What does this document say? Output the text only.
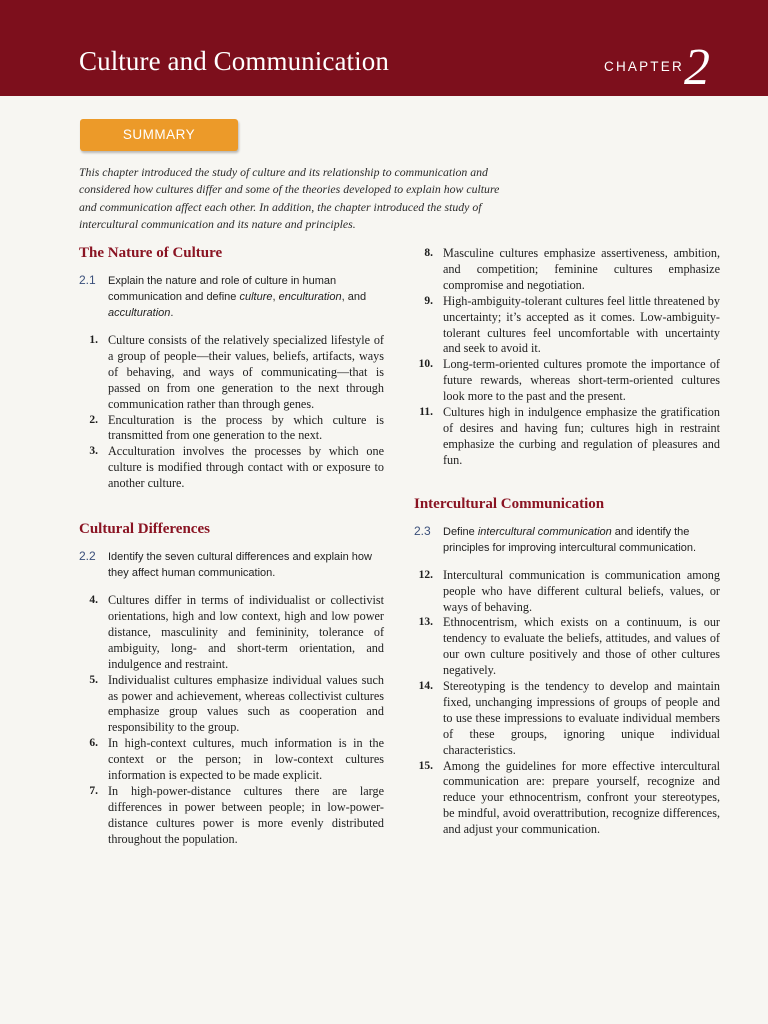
Culture and Communication	CHAPTER 2
SUMMARY

This chapter introduced the study of culture and its relationship to communication and considered how cultures differ and some of the theories developed to explain how culture and communication affect each other. In addition, the chapter introduced the study of intercultural communication and its nature and principles.

The Nature of Culture
2.1 Explain the nature and role of culture in human communication and define culture, enculturation, and acculturation.
1. Culture consists of the relatively specialized lifestyle of a group of people—their values, beliefs, artifacts, ways of behaving, and ways of communicating—that is passed on from one generation to the next through communication rather than through genes.
2. Enculturation is the process by which culture is transmitted from one generation to the next.
3. Acculturation involves the processes by which one culture is modified through contact with or exposure to another culture.
Cultural Differences
2.2 Identify the seven cultural differences and explain how they affect human communication.
4. Cultures differ in terms of individualist or collectivist orientations, high and low context, high and low power distance, masculinity and femininity, tolerance of ambiguity, long- and short-term orientation, and indulgence and restraint.
5. Individualist cultures emphasize individual values such as power and achievement, whereas collectivist cultures emphasize group values such as cooperation and responsibility to the group.
6. In high-context cultures, much information is in the context or the person; in low-context cultures information is expected to be made explicit.
7. In high-power-distance cultures there are large differences in power between people; in low-power-distance cultures power is more evenly distributed throughout the population.
8. Masculine cultures emphasize assertiveness, ambition, and competition; feminine cultures emphasize compromise and negotiation.
9. High-ambiguity-tolerant cultures feel little threatened by uncertainty; it’s accepted as it comes. Low-ambiguity-tolerant cultures feel uncomfortable with uncertainty and seek to avoid it.
10. Long-term-oriented cultures promote the importance of future rewards, whereas short-term-oriented cultures look more to the past and the present.
11. Cultures high in indulgence emphasize the gratification of desires and having fun; cultures high in restraint emphasize the curbing and regulation of pleasures and fun.
Intercultural Communication
2.3 Define intercultural communication and identify the principles for improving intercultural communication.
12. Intercultural communication is communication among people who have different cultural beliefs, values, or ways of behaving.
13. Ethnocentrism, which exists on a continuum, is our tendency to evaluate the beliefs, attitudes, and values of our own culture positively and those of other cultures negatively.
14. Stereotyping is the tendency to develop and maintain fixed, unchanging impressions of groups of people and to use these impressions to evaluate individual members of these groups, ignoring unique individual characteristics.
15. Among the guidelines for more effective intercultural communication are: prepare yourself, recognize and reduce your ethnocentrism, confront your stereotypes, be mindful, avoid overattribution, recognize differences, and adjust your communication.
